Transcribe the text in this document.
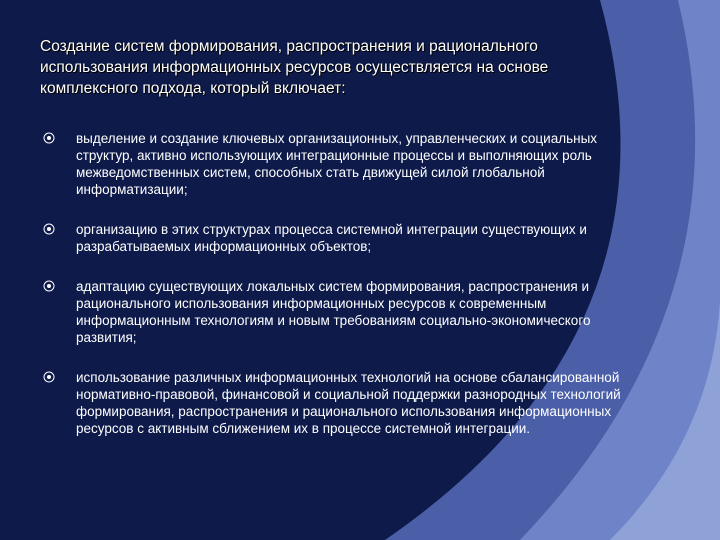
Создание систем формирования, распространения и рационального использования информационных ресурсов осуществляется на основе комплексного подхода, который включает:
выделение и создание ключевых организационных, управленческих и социальных структур, активно использующих интеграционные процессы и выполняющих роль межведомственных систем, способных стать движущей силой глобальной информатизации;
организацию в этих структурах процесса системной интеграции существующих и разрабатываемых информационных объектов;
адаптацию существующих локальных систем формирования, распространения и рационального использования информационных ресурсов к современным информационным технологиям и новым требованиям социально-экономического развития;
использование различных информационных технологий на основе сбалансированной нормативно-правовой, финансовой и социальной поддержки разнородных технологий формирования, распространения и рационального использования информационных ресурсов с активным сближением их в процессе системной интеграции.
